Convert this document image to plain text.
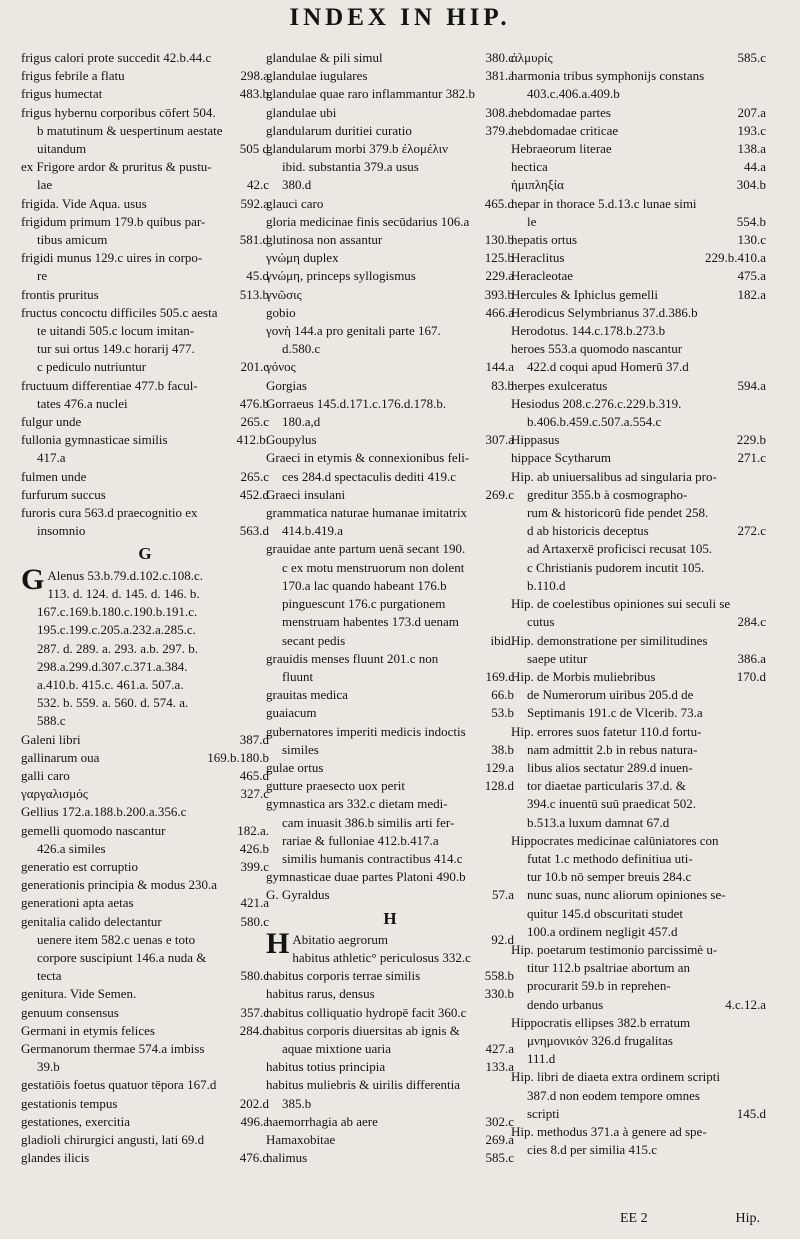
INDEX IN HIP.
frigus calori prote succedit 42.b.44.c
frigus febrile a flatu	298.a
frigus humectat	483.b
frigus hybernu corporibus cōfert 504.
b matutinum & uespertinum aestate
uitandum	505 d
ex Frigore ardor & pruritus & pustu-
lae	42.c
frigida. Vide Aqua. usus	592.a
frigidum primum 179.b quibus par-
tibus amicum	581.d
frigidi munus 129.c uires in corpo-
re	45.d
frontis pruritus	513.b
fructus concoctu difficiles 505.c aesta
te uitandi 505.c locum imitan-
tur sui ortus 149.c horarij 477.
c pediculo nutriuntur	201.c
fructuum differentiae 477.b facul-
tates 476.a nuclei	476.b
fulgur unde	265.c
fullonia gymnasticae similis	412.b.
417.a
fulmen unde	265.c
furfurum succus	452.d
furoris cura 563.d praecognitio ex
insomnio	563.d
G
G Alenus 53.b.79.d.102.c.108.c.
113. d. 124. d. 145. d. 146. b.
167.c.169.b.180.c.190.b.191.c.
195.c.199.c.205.a.232.a.285.c.
287. d. 289. a. 293. a.b. 297. b.
298.a.299.d.307.c.371.a.384.
a.410.b. 415.c. 461.a. 507.a.
532. b. 559. a. 560. d. 574. a.
588.c
Galeni libri	387.d
gallinarum oua	169.b.180.b
galli caro	465.d
γαργαλισμός	327.c
Gellius 172.a.188.b.200.a.356.c
gemelli quomodo nascantur	182.a.
426.a similes	426.b
generatio est corruptio	399.c
generationis principia & modus 230.a
generationi apta aetas	421.a
genitalia calido delectantur	580.c
uenere item 582.c uenas e toto
corpore suscipiunt 146.a nuda &
tecta	580.c
genitura. Vide Semen.
genuum consensus	357.c
Germani in etymis felices	284.d
Germanorum thermae 574.a imbiss
39.b
gestatiōis foetus quatuor tēpora 167.d
gestationis tempus	202.d
gestationes, exercitia	496.a
gladioli chirurgici angusti, lati 69.d
glandes ilicis	476.d
glandulae & pili simul	380.c
glandulae iugulares	381.a
glandulae quae raro inflammantur 382.b
glandulae ubi	308.a
glandularum duritiei curatio	379.a
glandularum morbi 379.b ἐλομέλιν
ibid. substantia 379.a usus
380.d
glauci caro	465.d
gloria medicinae finis secūdarius 106.a
glutinosa non assantur	130.b
γνώμη duplex	125.b
γνώμη, princeps syllogismus	229.a
γνῶσις	393.b
gobio	466.a
γονὴ 144.a pro genitali parte 167.
d.580.c
γόνος	144.a
Gorgias	83.b
Gorraeus 145.d.171.c.176.d.178.b.
180.a,d
Goupylus	307.a
Graeci in etymis & connexionibus feli-
ces 284.d spectaculis dediti 419.c
Graeci insulani	269.c
grammatica naturae humanae imitatrix
414.b.419.a
grauidae ante partum uenā secant 190.
c ex motu menstruorum non dolent
170.a lac quando habeant 176.b
pinguescunt 176.c purgationem
menstruam habentes 173.d uenam
secant pedis	ibid.
grauidis menses fluunt 201.c non
fluunt	169.c
grauitas medica	66.b
guaiacum	53.b
gubernatores imperiti medicis indoctis
similes	38.b
gulae ortus	129.a
gutture praesecto uox perit	128.d
gymnastica ars 332.c dietam medi-
cam inuasit 386.b similis arti fer-
rariae & fulloniae 412.b.417.a
similis humanis contractibus 414.c
gymnasticae duae partes Platoni 490.b
G. Gyraldus	57.a
H
H Abitatio aegrorum	92.d
habitus athletic° periculosus 332.c
habitus corporis terrae similis	558.b
habitus rarus, densus	330.b
habitus colliquatio hydropē facit 360.c
habitus corporis diuersitas ab ignis &
aquae mixtione uaria	427.a
habitus totius principia	133.a
habitus muliebris & uirilis differentia
385.b
haemorrhagia ab aere	302.c
Hamaxobitae	269.a
halimus	585.c
ἁλμυρίς	585.c
harmonia tribus symphonijs constans
403.c.406.a.409.b
hebdomadae partes	207.a
hebdomadae criticae	193.c
Hebraeorum literae	138.a
hectica	44.a
ἡμιπληξία	304.b
hepar in thorace 5.d.13.c lunae simi
le	554.b
hepatis ortus	130.c
Heraclitus	229.b.410.a
Heracleotae	475.a
Hercules & Iphiclus gemelli	182.a
Herodicus Selymbrianus 37.d.386.b
Herodotus. 144.c.178.b.273.b
heroes 553.a quomodo nascantur
422.d coqui apud Homerū 37.d
herpes exulceratus	594.a
Hesiodus 208.c.276.c.229.b.319.
b.406.b.459.c.507.a.554.c
Hippasus	229.b
hippace Scytharum	271.c
Hip. ab uniuersalibus ad singularia pro-
greditur 355.b à cosmographo-
rum & historicorū fide pendet 258.
d ab historicis deceptus	272.c
ad Artaxerxē proficisci recusat 105.
c Christianis pudorem incutit 105.
b.110.d
Hip. de coelestibus opiniones sui seculi se
cutus	284.c
Hip. demonstratione per similitudines
saepe utitur	386.a
Hip. de Morbis muliebribus	170.d
de Numerorum uiribus 205.d de
Septimanis 191.c de Vlcerib. 73.a
Hip. errores suos fatetur 110.d fortu-
nam admittit 2.b in rebus natura-
libus alios sectatur 289.d inuen-
tor diaetae particularis 37.d. &
394.c inuentū suū praedicat 502.
b.513.a luxum damnat 67.d
Hippocrates medicinae calūniatores con
futat 1.c methodo definitiua uti-
tur 10.b nō semper breuis 284.c
nunc suas, nunc aliorum opiniones se-
quitur 145.d obscuritati studet
100.a ordinem negligit 457.d
Hip. poetarum testimonio parcissimè u-
titur 112.b psaltriae abortum an
procurarit 59.b in reprehen-
dendo urbanus	4.c.12.a
Hippocratis ellipses 382.b erratum
μνημονικόν 326.d frugalitas
111.d
Hip. libri de diaeta extra ordinem scripti
387.d non eodem tempore omnes
scripti	145.d
Hip. methodus 371.a à genere ad spe-
cies 8.d per similia 415.c
EE 2	Hip.
